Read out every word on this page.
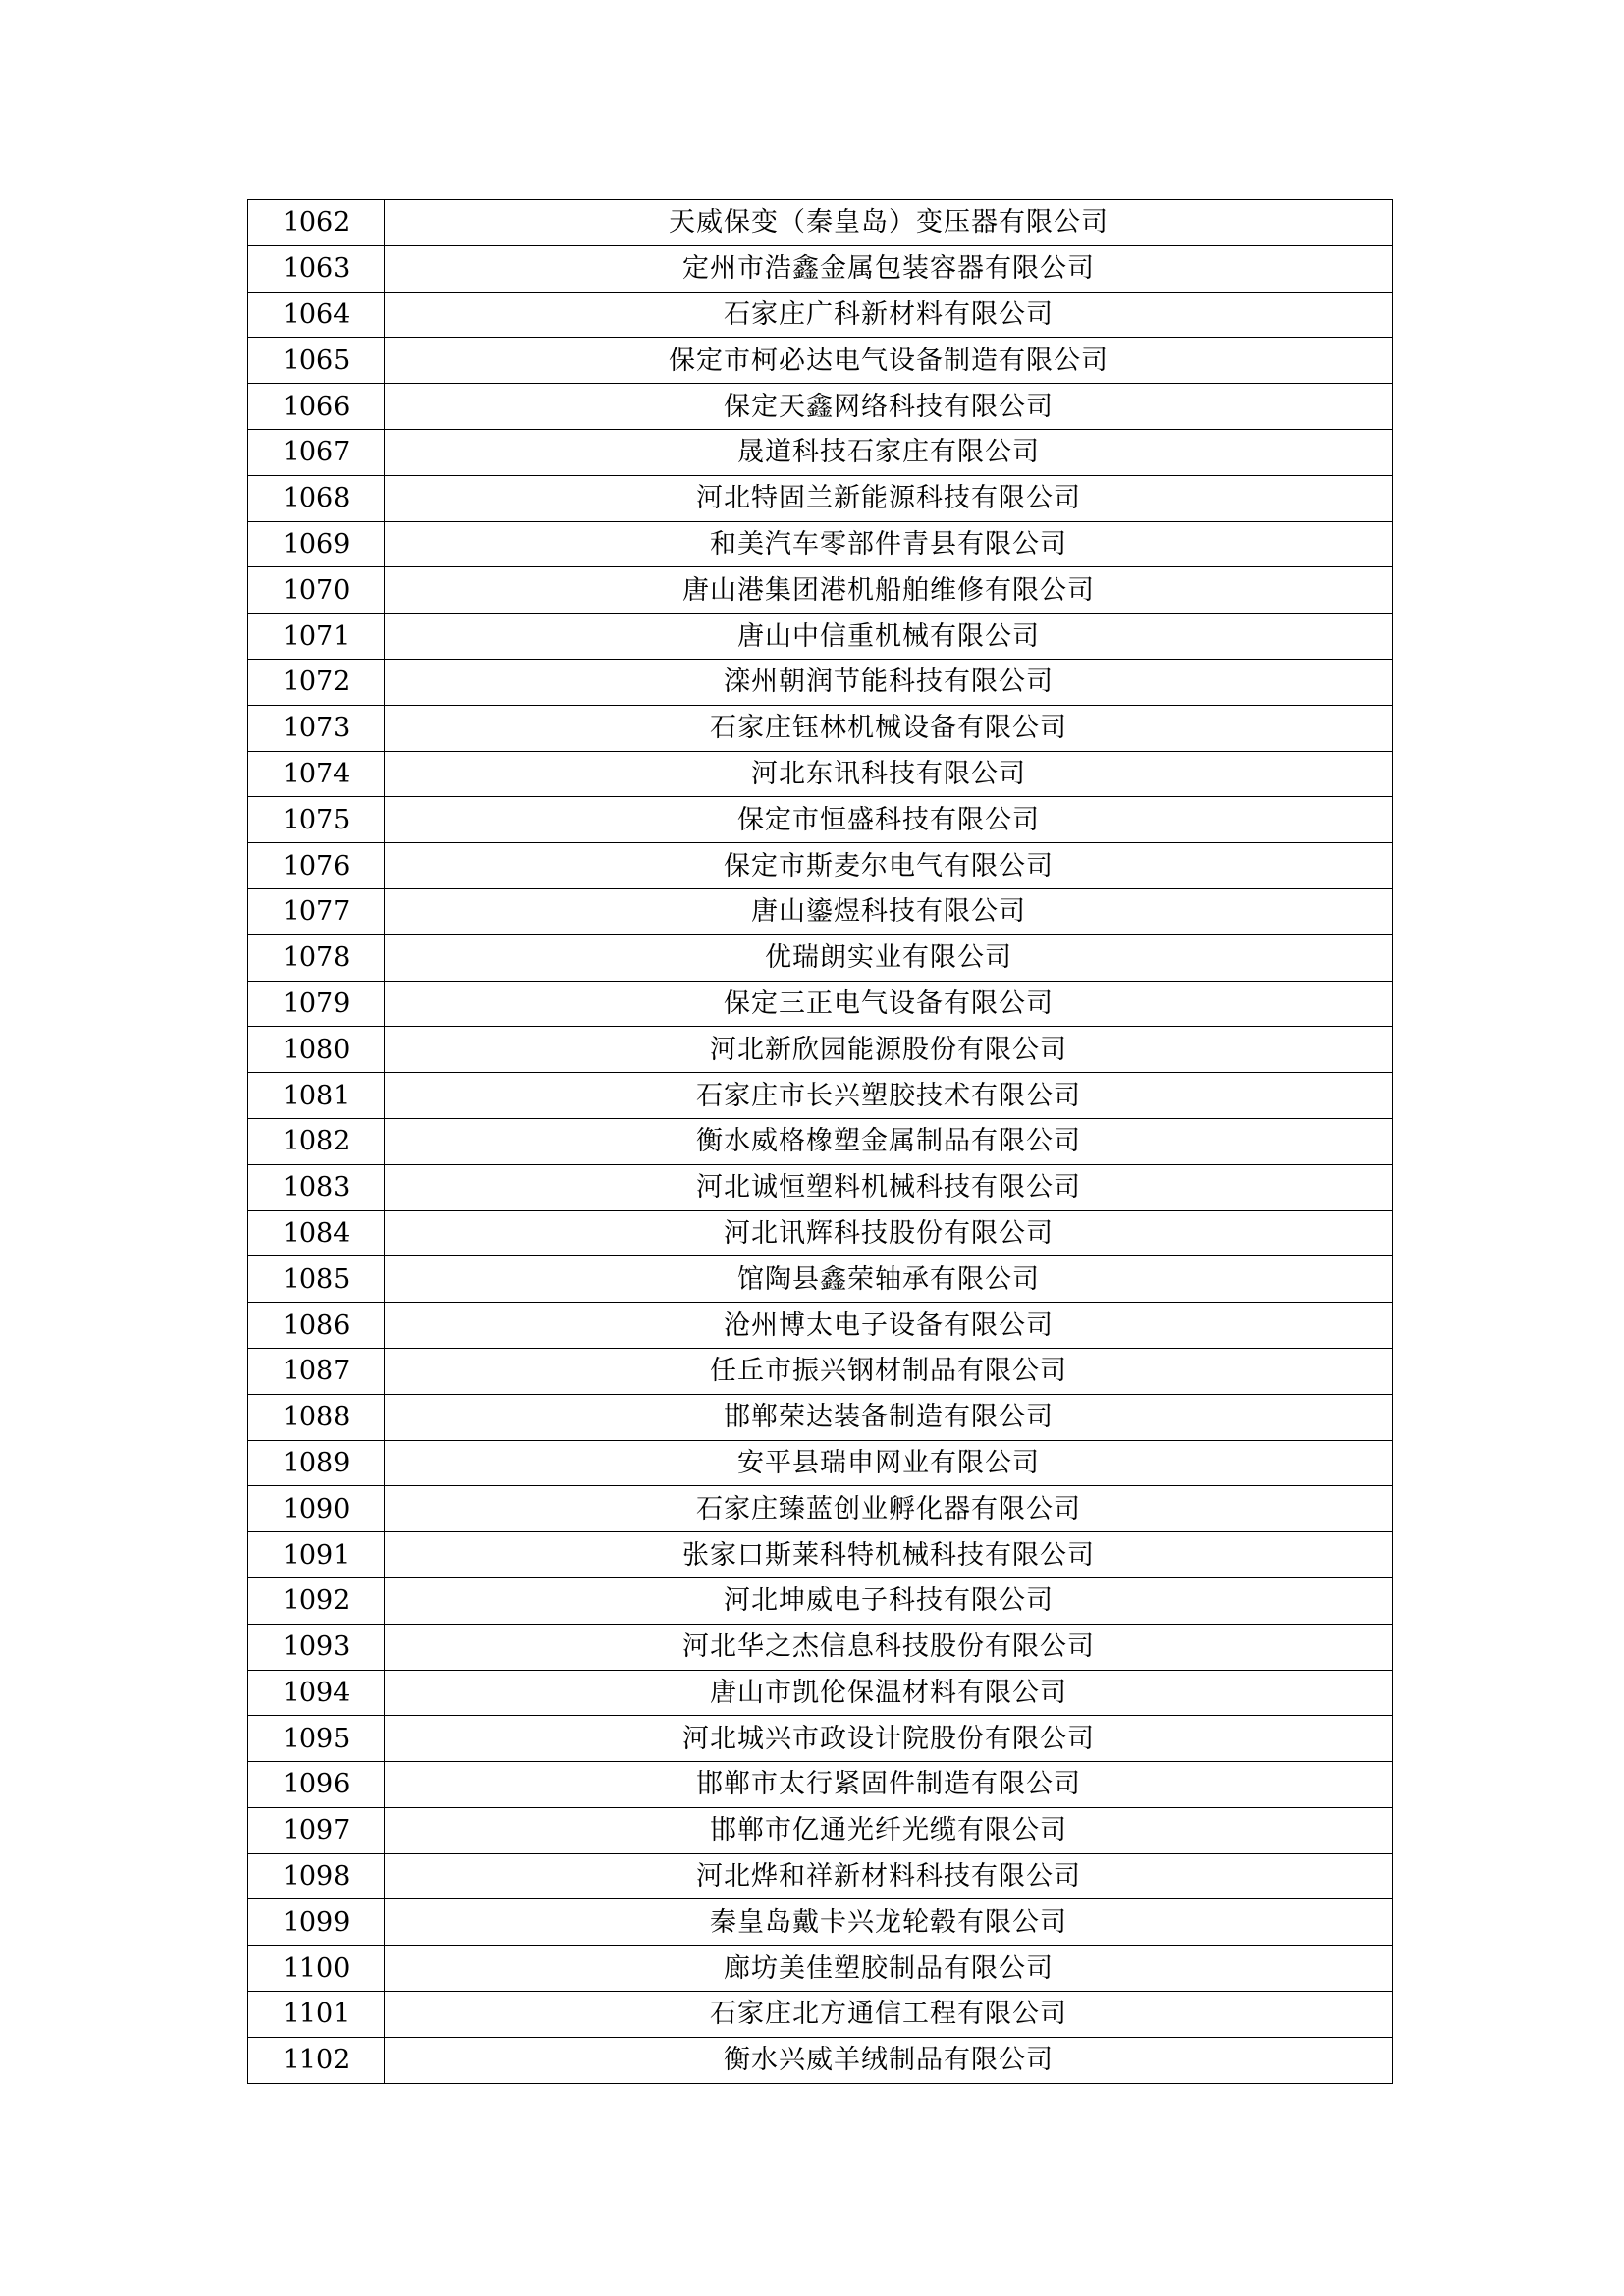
1062	天威保变（秦皇岛）变压器有限公司
1063	定州市浩鑫金属包装容器有限公司
1064	石家庄广科新材料有限公司
1065	保定市柯必达电气设备制造有限公司
1066	保定天鑫网络科技有限公司
1067	晟道科技石家庄有限公司
1068	河北特固兰新能源科技有限公司
1069	和美汽车零部件青县有限公司
1070	唐山港集团港机船舶维修有限公司
1071	唐山中信重机械有限公司
1072	滦州朝润节能科技有限公司
1073	石家庄钰林机械设备有限公司
1074	河北东讯科技有限公司
1075	保定市恒盛科技有限公司
1076	保定市斯麦尔电气有限公司
1077	唐山鎏煜科技有限公司
1078	优瑞朗实业有限公司
1079	保定三正电气设备有限公司
1080	河北新欣园能源股份有限公司
1081	石家庄市长兴塑胶技术有限公司
1082	衡水威格橡塑金属制品有限公司
1083	河北诚恒塑料机械科技有限公司
1084	河北讯辉科技股份有限公司
1085	馆陶县鑫荣轴承有限公司
1086	沧州博太电子设备有限公司
1087	任丘市振兴钢材制品有限公司
1088	邯郸荣达装备制造有限公司
1089	安平县瑞申网业有限公司
1090	石家庄臻蓝创业孵化器有限公司
1091	张家口斯莱科特机械科技有限公司
1092	河北坤威电子科技有限公司
1093	河北华之杰信息科技股份有限公司
1094	唐山市凯伦保温材料有限公司
1095	河北城兴市政设计院股份有限公司
1096	邯郸市太行紧固件制造有限公司
1097	邯郸市亿通光纤光缆有限公司
1098	河北烨和祥新材料科技有限公司
1099	秦皇岛戴卡兴龙轮毂有限公司
1100	廊坊美佳塑胶制品有限公司
1101	石家庄北方通信工程有限公司
1102	衡水兴威羊绒制品有限公司
